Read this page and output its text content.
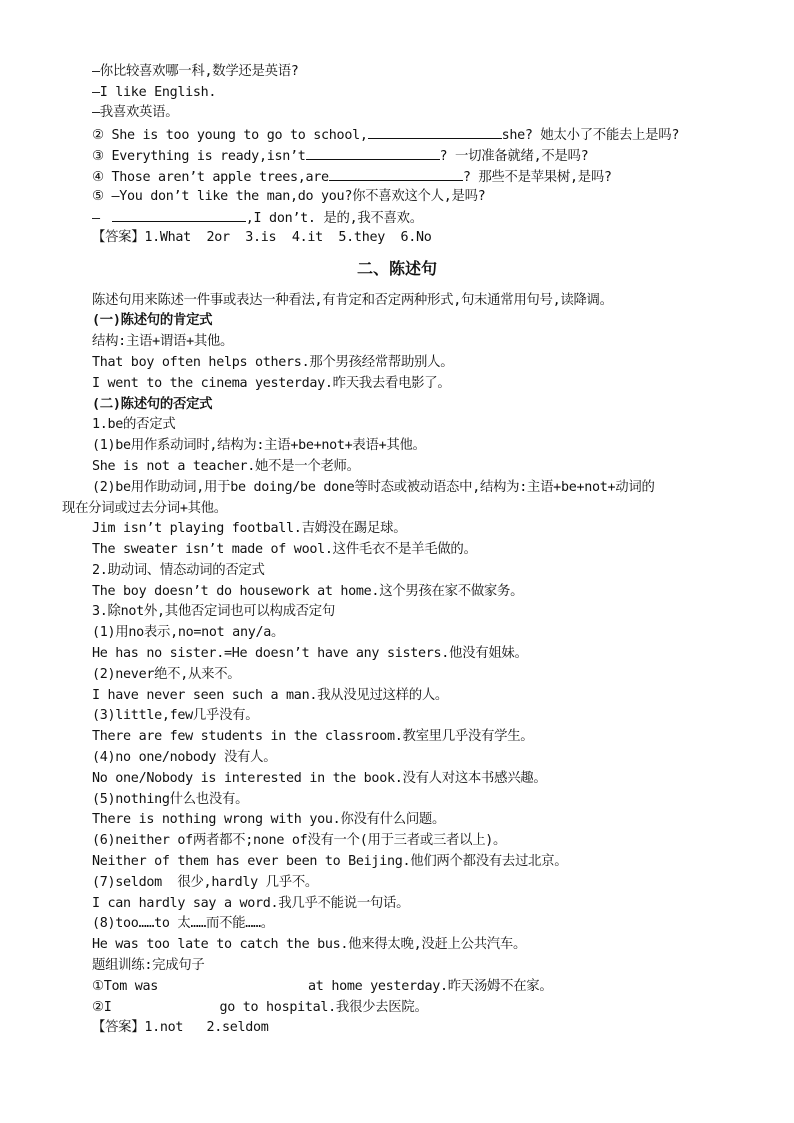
—你比较喜欢哪一科,数学还是英语?
—I like English.
—我喜欢英语。
② She is too young to go to school,	she? 她太小了不能去上是吗?
③ Everything is ready,isn’t	? 一切准备就绪,不是吗?
④ Those aren’t apple trees,are	? 那些不是苹果树,是吗?
⑤ —You don’t like the man,do you?你不喜欢这个人,是吗?
—	,I don’t. 是的,我不喜欢。
【答案】1.What  2or  3.is  4.it  5.they  6.No
二、陈述句
陈述句用来陈述一件事或表达一种看法,有肯定和否定两种形式,句末通常用句号,读降调。
(一)陈述句的肯定式
结构:主语+谓语+其他。
That boy often helps others.那个男孩经常帮助别人。
I went to the cinema yesterday.昨天我去看电影了。
(二)陈述句的否定式
1.be的否定式
(1)be用作系动词时,结构为:主语+be+not+表语+其他。
She is not a teacher.她不是一个老师。
(2)be用作助动词,用于be doing/be done等时态或被动语态中,结构为:主语+be+not+动词的
现在分词或过去分词+其他。
Jim isn’t playing football.吉姆没在踢足球。
The sweater isn’t made of wool.这件毛衣不是羊毛做的。
2.助动词、情态动词的否定式
The boy doesn’t do housework at home.这个男孩在家不做家务。
3.除not外,其他否定词也可以构成否定句
(1)用no表示,no=not any/a。
He has no sister.=He doesn’t have any sisters.他没有姐妹。
(2)never绝不,从来不。
I have never seen such a man.我从没见过这样的人。
(3)little,few几乎没有。
There are few students in the classroom.教室里几乎没有学生。
(4)no one/nobody 没有人。
No one/Nobody is interested in the book.没有人对这本书感兴趣。
(5)nothing什么也没有。
There is nothing wrong with you.你没有什么问题。
(6)neither of两者都不;none of没有一个(用于三者或三者以上)。
Neither of them has ever been to Beijing.他们两个都没有去过北京。
(7)seldom  很少,hardly 几乎不。
I can hardly say a word.我几乎不能说一句话。
(8)too……to 太……而不能……。
He was too late to catch the bus.他来得太晚,没赶上公共汽车。
题组训练:完成句子
①Tom was	at home yesterday.昨天汤姆不在家。
②I	go to hospital.我很少去医院。
【答案】1.not   2.seldom
